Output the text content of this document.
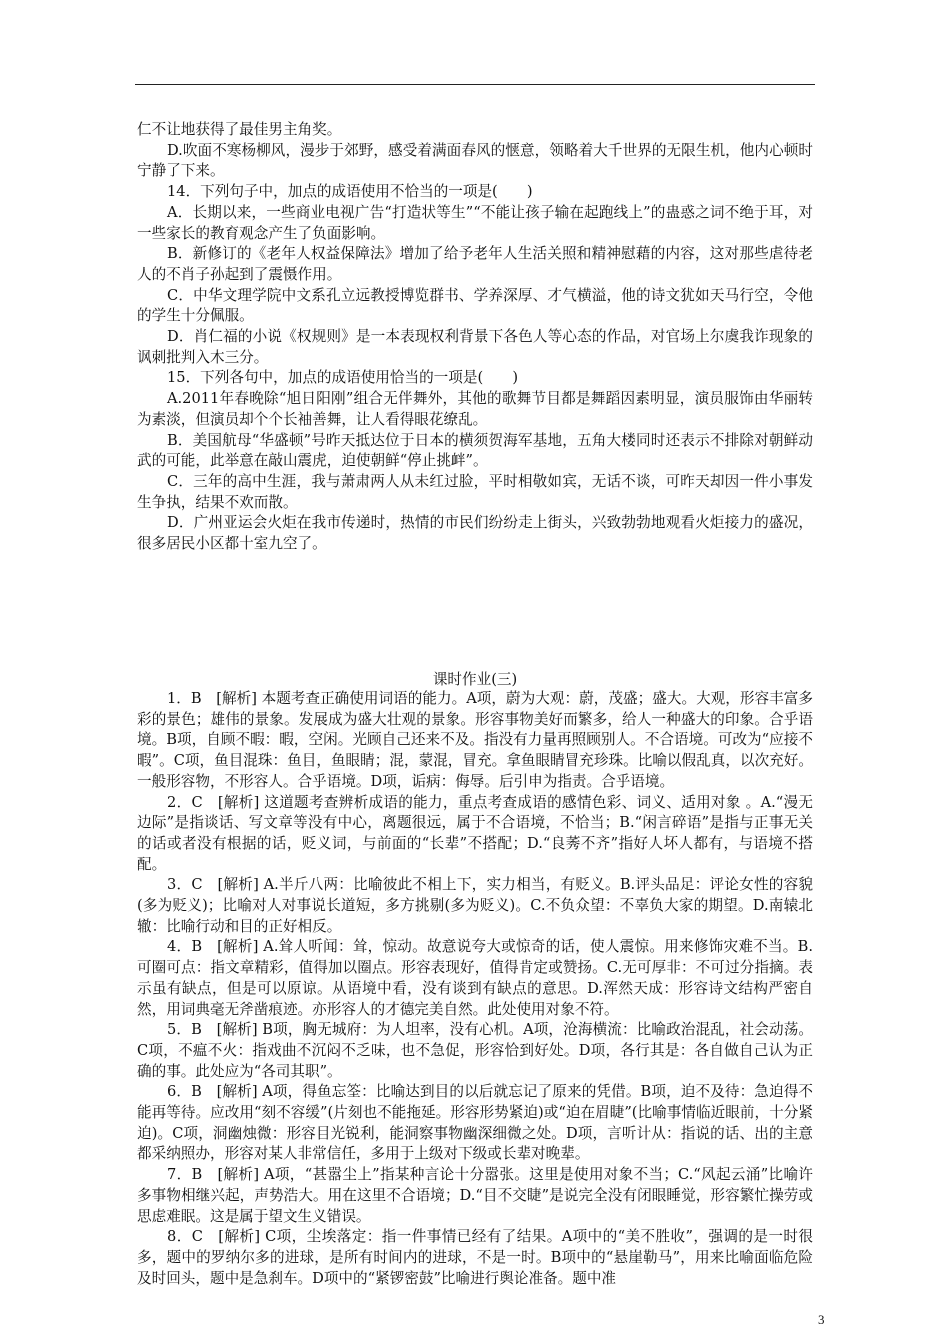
仁不让地获得了最佳男主角奖。

D.吹面不寒杨柳风，漫步于郊野，感受着满面春风的惬意，领略着大千世界的无限生机，他内心顿时宁静了下来。

14．下列句子中，加点的成语使用不恰当的一项是(　　)

A．长期以来，一些商业电视广告“打造状等生”“不能让孩子输在起跑线上”的蛊惑之词不绝于耳，对一些家长的教育观念产生了负面影响。

B．新修订的《老年人权益保障法》增加了给予老年人生活关照和精神慰藉的内容，这对那些虐待老人的不肖子孙起到了震慑作用。

C．中华文理学院中文系孔立远教授博览群书、学养深厚、才气横溢，他的诗文犹如天马行空，令他的学生十分佩服。

D．肖仁福的小说《权规则》是一本表现权利背景下各色人等心态的作品，对官场上尔虞我诈现象的讽刺批判入木三分。

15．下列各句中，加点的成语使用恰当的一项是(　　)

A.2011年春晚除“旭日阳刚”组合无伴舞外，其他的歌舞节目都是舞蹈因素明显，演员服饰由华丽转为素淡，但演员却个个长袖善舞，让人看得眼花缭乱。

B．美国航母“华盛顿”号昨天抵达位于日本的横须贺海军基地，五角大楼同时还表示不排除对朝鲜动武的可能，此举意在敲山震虎，迫使朝鲜“停止挑衅”。

C．三年的高中生涯，我与萧肃两人从未红过脸，平时相敬如宾，无话不谈，可昨天却因一件小事发生争执，结果不欢而散。

D．广州亚运会火炬在我市传递时，热情的市民们纷纷走上街头，兴致勃勃地观看火炬接力的盛况，很多居民小区都十室九空了。

课时作业(三)

1．B　[解析] 本题考查正确使用词语的能力。A项，蔚为大观：蔚，茂盛；盛大。大观，形容丰富多彩的景色；雄伟的景象。发展成为盛大壮观的景象。形容事物美好而繁多，给人一种盛大的印象。合乎语境。B项，自顾不暇：暇，空闲。光顾自己还来不及。指没有力量再照顾别人。不合语境。可改为“应接不暇”。C项，鱼目混珠：鱼目，鱼眼睛；混，蒙混，冒充。拿鱼眼睛冒充珍珠。比喻以假乱真，以次充好。一般形容物，不形容人。合乎语境。D项，诟病：侮辱。后引申为指责。合乎语境。

2．C　[解析] 这道题考查辨析成语的能力，重点考查成语的感情色彩、词义、适用对象 。A.“漫无边际”是指谈话、写文章等没有中心，离题很远，属于不合语境，不恰当；B.“闲言碎语”是指与正事无关的话或者没有根据的话，贬义词，与前面的“长辈”不搭配；D.“良莠不齐”指好人坏人都有，与语境不搭配。

3．C　[解析] A.半斤八两：比喻彼此不相上下，实力相当，有贬义。B.评头品足：评论女性的容貌(多为贬义)；比喻对人对事说长道短，多方挑剔(多为贬义)。C.不负众望：不辜负大家的期望。D.南辕北辙：比喻行动和目的正好相反。

4．B　[解析] A.耸人听闻：耸，惊动。故意说夸大或惊奇的话，使人震惊。用来修饰灾难不当。B.可圈可点：指文章精彩，值得加以圈点。形容表现好，值得肯定或赞扬。C.无可厚非：不可过分指摘。表示虽有缺点，但是可以原谅。从语境中看，没有谈到有缺点的意思。D.浑然天成：形容诗文结构严密自然，用词典毫无斧凿痕迹。亦形容人的才德完美自然。此处使用对象不符。

5．B　[解析] B项，胸无城府：为人坦率，没有心机。A项，沧海横流：比喻政治混乱，社会动荡。C项，不瘟不火：指戏曲不沉闷不乏味，也不急促，形容恰到好处。D项，各行其是：各自做自己认为正确的事。此处应为“各司其职”。

6．B　[解析] A项，得鱼忘筌：比喻达到目的以后就忘记了原来的凭借。B项，迫不及待：急迫得不能再等待。应改用“刻不容缓”(片刻也不能拖延。形容形势紧迫)或“迫在眉睫”(比喻事情临近眼前，十分紧迫)。C项，洞幽烛微：形容目光锐利，能洞察事物幽深细微之处。D项，言听计从：指说的话、出的主意都采纳照办，形容对某人非常信任，多用于上级对下级或长辈对晚辈。

7．B　[解析] A项，“甚嚣尘上”指某种言论十分嚣张。这里是使用对象不当；C.“风起云涌”比喻许多事物相继兴起，声势浩大。用在这里不合语境；D.“目不交睫”是说完全没有闭眼睡觉，形容繁忙操劳或思虑难眠。这是属于望文生义错误。

8．C　[解析] C项，尘埃落定：指一件事情已经有了结果。A项中的“美不胜收”，强调的是一时很多，题中的罗纳尔多的进球，是所有时间内的进球，不是一时。B项中的“悬崖勒马”，用来比喻面临危险及时回头，题中是急刹车。D项中的“紧锣密鼓”比喻进行舆论准备。题中准

3
